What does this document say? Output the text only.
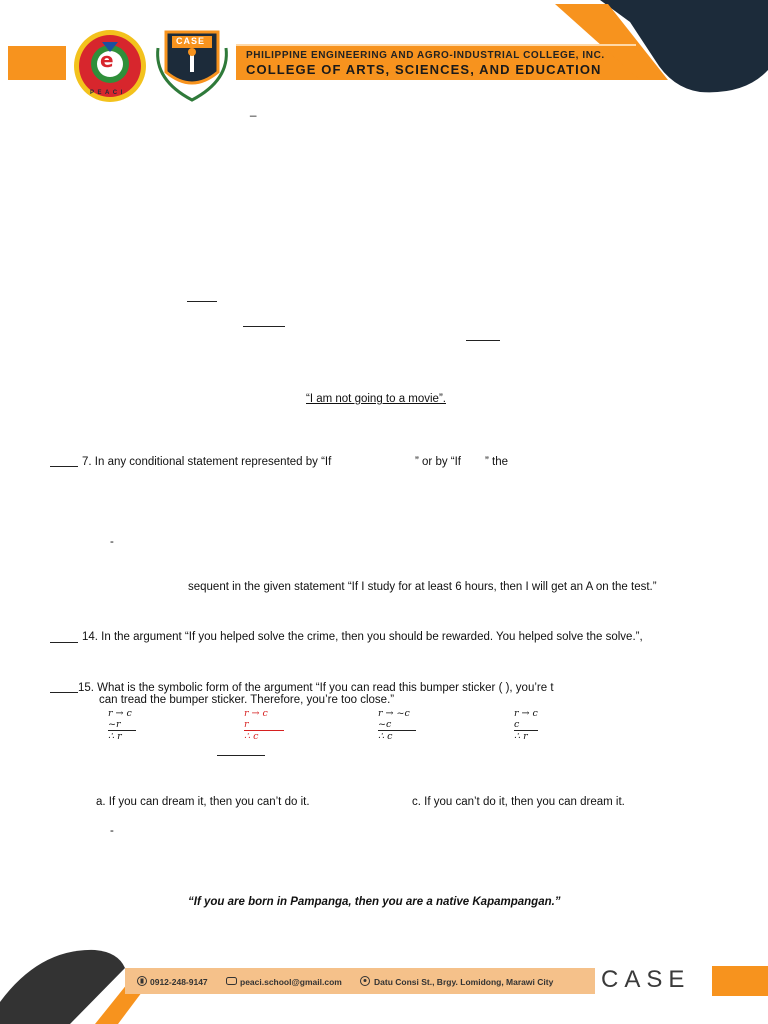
e
P E A C I
CASE
PHILIPPINE ENGINEERING AND AGRO-INDUSTRIAL COLLEGE, INC.
COLLEGE OF ARTS, SCIENCES, AND EDUCATION
_
“I am not going to a movie”.
7. In any conditional statement represented by “If	” or by “If ” the
-
sequent in the given statement “If I study for at least 6 hours, then I will get an A on the test.”
14. In the argument “If you helped solve the crime, then you should be rewarded. You helped solve the solve.”,
15. What is the symbolic form of the argument “If you can read this bumper sticker ( ), you’re t
can tread the bumper sticker. Therefore, you’re too close.”
r → c
~r
∴ r
r → c
r
∴ c
r → ~c
~c
∴ c
r → c
c
∴ r
a. If you can dream it, then you can’t do it.	c. If you can’t do it, then you can dream it.
-
“If you are born in Pampanga, then you are a native Kapampangan.”
0912-248-9147	peaci.school@gmail.com	Datu Consi St., Brgy. Lomidong, Marawi City CASE
